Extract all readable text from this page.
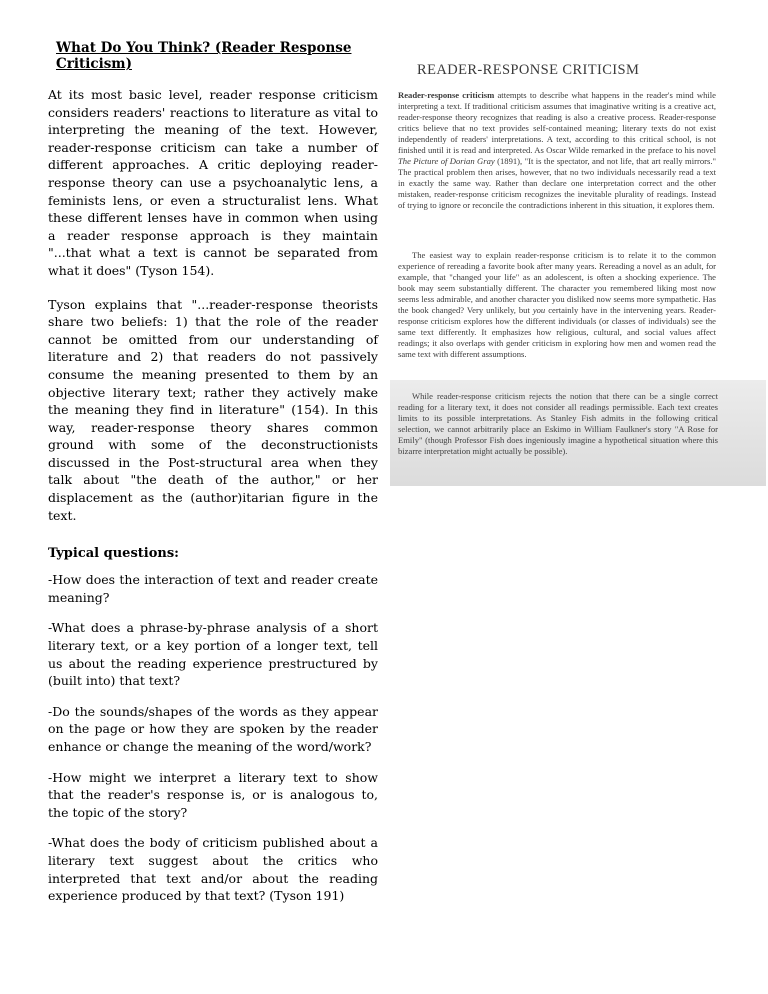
What Do You Think? (Reader Response Criticism)

At its most basic level, reader response criticism considers readers' reactions to literature as vital to interpreting the meaning of the text. However, reader-response criticism can take a number of different approaches. A critic deploying reader-response theory can use a psychoanalytic lens, a feminists lens, or even a structuralist lens. What these different lenses have in common when using a reader response approach is they maintain "...that what a text is cannot be separated from what it does" (Tyson 154).

Tyson explains that "...reader-response theorists share two beliefs: 1) that the role of the reader cannot be omitted from our understanding of literature and 2) that readers do not passively consume the meaning presented to them by an objective literary text; rather they actively make the meaning they find in literature" (154). In this way, reader-response theory shares common ground with some of the deconstructionists discussed in the Post-structural area when they talk about "the death of the author," or her displacement as the (author)itarian figure in the text.

Typical questions:

-How does the interaction of text and reader create meaning?

-What does a phrase-by-phrase analysis of a short literary text, or a key portion of a longer text, tell us about the reading experience prestructured by (built into) that text?

-Do the sounds/shapes of the words as they appear on the page or how they are spoken by the reader enhance or change the meaning of the word/work?

-How might we interpret a literary text to show that the reader's response is, or is analogous to, the topic of the story?

-What does the body of criticism published about a literary text suggest about the critics who interpreted that text and/or about the reading experience produced by that text? (Tyson 191)

READER-RESPONSE CRITICISM

Reader-response criticism attempts to describe what happens in the reader's mind while interpreting a text. If traditional criticism assumes that imaginative writing is a creative act, reader-response theory recognizes that reading is also a creative process. Reader-response critics believe that no text provides self-contained meaning; literary texts do not exist independently of readers' interpretations. A text, according to this critical school, is not finished until it is read and interpreted. As Oscar Wilde remarked in the preface to his novel The Picture of Dorian Gray (1891), "It is the spectator, and not life, that art really mirrors." The practical problem then arises, however, that no two individuals necessarily read a text in exactly the same way. Rather than declare one interpretation correct and the other mistaken, reader-response criticism recognizes the inevitable plurality of readings. Instead of trying to ignore or reconcile the contradictions inherent in this situation, it explores them.

The easiest way to explain reader-response criticism is to relate it to the common experience of rereading a favorite book after many years. Rereading a novel as an adult, for example, that "changed your life" as an adolescent, is often a shocking experience. The book may seem substantially different. The character you remembered liking most now seems less admirable, and another character you disliked now seems more sympathetic. Has the book changed? Very unlikely, but you certainly have in the intervening years. Reader-response criticism explores how the different individuals (or classes of individuals) see the same text differently. It emphasizes how religious, cultural, and social values affect readings; it also overlaps with gender criticism in exploring how men and women read the same text with different assumptions.

While reader-response criticism rejects the notion that there can be a single correct reading for a literary text, it does not consider all readings permissible. Each text creates limits to its possible interpretations. As Stanley Fish admits in the following critical selection, we cannot arbitrarily place an Eskimo in William Faulkner's story "A Rose for Emily" (though Professor Fish does ingeniously imagine a hypothetical situation where this bizarre interpretation might actually be possible).
